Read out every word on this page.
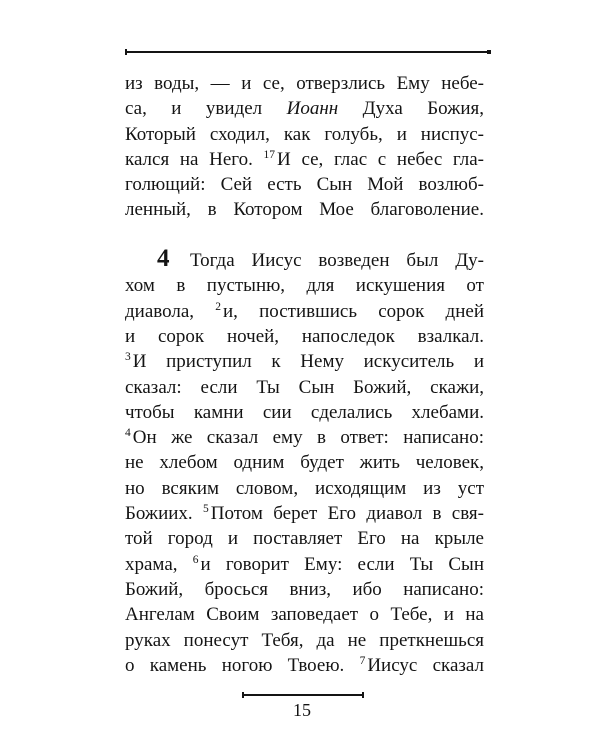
из воды, — и се, отверзлись Ему небе-
са, и увидел Иоанн Духа Божия,
Который сходил, как голубь, и ниспус-
кался на Него. $^{17}$ И се, глас с небес гла-
голющий: Сей есть Сын Мой возлюб-
ленный, в Котором Мое благоволение.
4 Тогда Иисус возведен был Ду-
хом в пустыню, для искушения от
диавола, $^2$ и, постившись сорок дней
и сорок ночей, напоследок взалкал.
$^3$ И приступил к Нему искуситель и
сказал: если Ты Сын Божий, скажи,
чтобы камни сии сделались хлебами.
$^4$ Он же сказал ему в ответ: написано:
не хлебом одним будет жить человек,
но всяким словом, исходящим из уст
Божиих. $^5$ Потом берет Его диавол в свя-
той город и поставляет Его на крыле
храма, $^6$ и говорит Ему: если Ты Сын
Божий, бросься вниз, ибо написано:
Ангелам Своим заповедает о Тебе, и на
руках понесут Тебя, да не преткнешься
о камень ногою Твоею. $^7$ Иисус сказал
15
